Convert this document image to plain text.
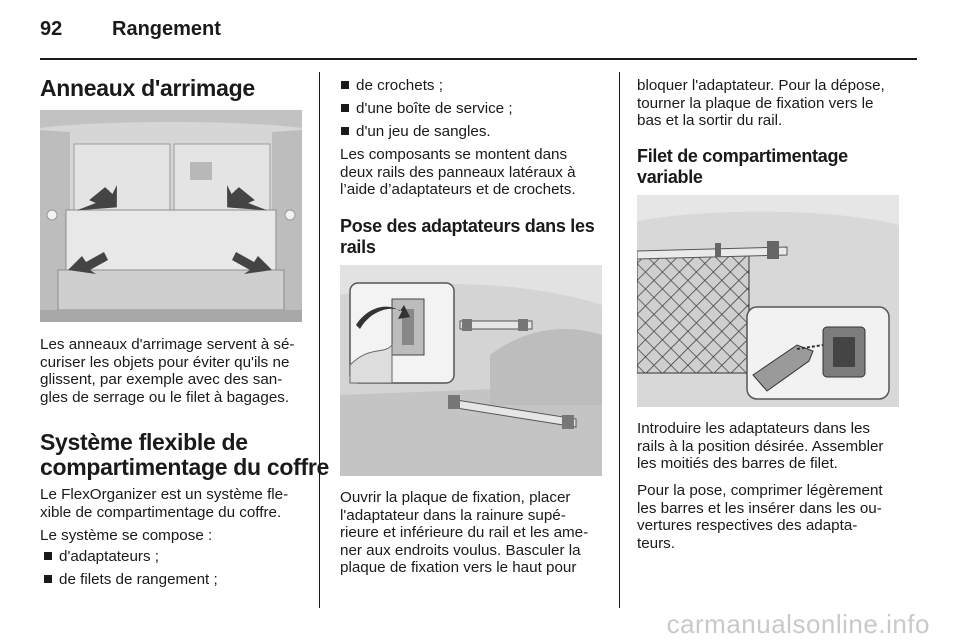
92 Rangement
Anneaux d'arrimage
Les anneaux d'arrimage servent à sé-
curiser les objets pour éviter qu'ils ne
glissent, par exemple avec des san-
gles de serrage ou le filet à bagages.
Système flexible de
compartimentage du coffre
Le FlexOrganizer est un système fle-
xible de compartimentage du coffre.
Le système se compose :
d'adaptateurs ;
de filets de rangement ;
de crochets ;
d'une boîte de service ;
d'un jeu de sangles.
Les composants se montent dans
deux rails des panneaux latéraux à
l’aide d’adaptateurs et de crochets.
Pose des adaptateurs dans les
rails
Ouvrir la plaque de fixation, placer
l'adaptateur dans la rainure supé-
rieure et inférieure du rail et les ame-
ner aux endroits voulus. Basculer la
plaque de fixation vers le haut pour
bloquer l'adaptateur. Pour la dépose,
tourner la plaque de fixation vers le
bas et la sortir du rail.
Filet de compartimentage
variable
Introduire les adaptateurs dans les
rails à la position désirée. Assembler
les moitiés des barres de filet.
Pour la pose, comprimer légèrement
les barres et les insérer dans les ou-
vertures respectives des adapta-
teurs.
carmanualsonline.info
